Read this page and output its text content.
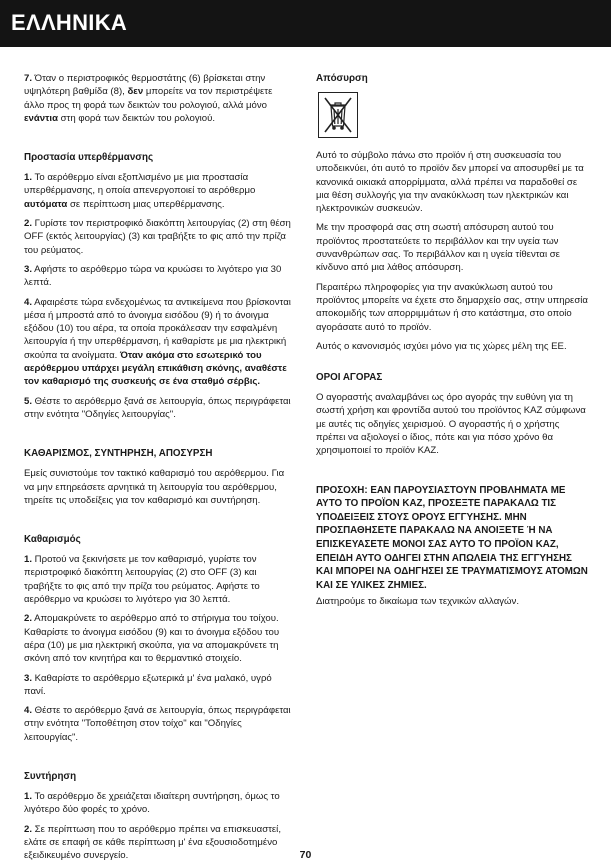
ΕΛΛΗΝΙΚΑ

7. Όταν ο περιστροφικός θερμοστάτης (6) βρίσκεται στην υψηλότερη βαθμίδα (8), δεν μπορείτε να τον περιστρέψετε άλλο προς τη φορά των δεικτών του ρολογιού, αλλά μόνο ενάντια στη φορά των δεικτών του ρολογιού.

Προστασία υπερθέρμανσης

1. Το αερόθερμο είναι εξοπλισμένο με μια προστασία υπερθέρμανσης, η οποία απενεργοποιεί το αερόθερμο αυτόματα σε περίπτωση μιας υπερθέρμανσης.

2. Γυρίστε τον περιστροφικό διακόπτη λειτουργίας (2) στη θέση OFF (εκτός λειτουργίας) (3) και τραβήξτε το φις από την πρίζα του ρεύματος.

3. Αφήστε το αερόθερμο τώρα να κρυώσει το λιγότερο για 30 λεπτά.

4. Αφαιρέστε τώρα ενδεχομένως τα αντικείμενα που βρίσκονται μέσα ή μπροστά από το άνοιγμα εισόδου (9) ή το άνοιγμα εξόδου (10) του αέρα, τα οποία προκάλεσαν την εσφαλμένη λειτουργία ή την υπερθέρμανση, ή καθαρίστε με μια ηλεκτρική σκούπα τα ανοίγματα. Όταν ακόμα στο εσωτερικό του αερόθερμου υπάρχει μεγάλη επικάθιση σκόνης, αναθέστε τον καθαρισμό της συσκευής σε ένα σταθμό σέρβις.

5. Θέστε το αερόθερμο ξανά σε λειτουργία, όπως περιγράφεται στην ενότητα "Οδηγίες λειτουργίας".

ΚΑΘΑΡΙΣΜΟΣ, ΣΥΝΤΗΡΗΣΗ, ΑΠΟΣΥΡΣΗ

Εμείς συνιστούμε τον τακτικό καθαρισμό του αερόθερμου. Για να μην επηρεάσετε αρνητικά τη λειτουργία του αερόθερμου, τηρείτε τις υποδείξεις για τον καθαρισμό και συντήρηση.

Καθαρισμός

1. Προτού να ξεκινήσετε με τον καθαρισμό, γυρίστε τον περιστροφικό διακόπτη λειτουργίας (2) στο OFF (3) και τραβήξτε το φις από την πρίζα του ρεύματος. Αφήστε το αερόθερμο να κρυώσει το λιγότερο για 30 λεπτά.

2. Απομακρύνετε το αερόθερμο από το στήριγμα του τοίχου. Καθαρίστε το άνοιγμα εισόδου (9) και το άνοιγμα εξόδου του αέρα (10) με μια ηλεκτρική σκούπα, για να απομακρύνετε τη σκόνη από τον κινητήρα και το θερμαντικό στοιχείο.

3. Καθαρίστε το αερόθερμο εξωτερικά μ' ένα μαλακό, υγρό πανί.

4. Θέστε το αερόθερμο ξανά σε λειτουργία, όπως περιγράφεται στην ενότητα "Τοποθέτηση στον τοίχο" και "Οδηγίες λειτουργίας".

Συντήρηση

1. Το αερόθερμο δε χρειάζεται ιδιαίτερη συντήρηση, όμως το λιγότερο δύο φορές το χρόνο.

2. Σε περίπτωση που το αερόθερμο πρέπει να επισκευαστεί, ελάτε σε επαφή σε κάθε περίπτωση μ' ένα εξουσιοδοτημένο εξειδικευμένο συνεργείο.

Απόσυρση

Αυτό το σύμβολο πάνω στο προϊόν ή στη συσκευασία του υποδεικνύει, ότι αυτό το προϊόν δεν μπορεί να αποσυρθεί με τα κανονικά οικιακά απορρίμματα, αλλά πρέπει να παραδοθεί σε μια θέση συλλογής για την ανακύκλωση των ηλεκτρικών και ηλεκτρονικών συσκευών.

Με την προσφορά σας στη σωστή απόσυρση αυτού του προϊόντος προστατεύετε το περιβάλλον και την υγεία των συνανθρώπων σας. Το περιβάλλον και η υγεία τίθενται σε κίνδυνο από μια λάθος απόσυρση.

Περαιτέρω πληροφορίες για την ανακύκλωση αυτού του προϊόντος μπορείτε να έχετε στο δημαρχείο σας, στην υπηρεσία αποκομιδής των απορριμμάτων ή στο κατάστημα, στο οποίο αγοράσατε αυτό το προϊόν.

Αυτός ο κανονισμός ισχύει μόνο για τις χώρες μέλη της ΕΕ.

ΟΡΟΙ ΑΓΟΡΑΣ

Ο αγοραστής αναλαμβάνει ως όρο αγοράς την ευθύνη για τη σωστή χρήση και φροντίδα αυτού του προϊόντος KAZ σύμφωνα με αυτές τις οδηγίες χειρισμού. Ο αγοραστής ή ο χρήστης πρέπει να αξιολογεί ο ίδιος, πότε και για πόσο χρόνο θα χρησιμοποιεί το προϊόν KAZ.

ΠΡΟΣΟΧΗ: ΕΑΝ ΠΑΡΟΥΣΙΑΣΤΟΥΝ ΠΡΟΒΛΗΜΑΤΑ ΜΕ ΑΥΤΟ ΤΟ ΠΡΟΪΟΝ KAZ, ΠΡΟΣΕΞΤΕ ΠΑΡΑΚΑΛΩ ΤΙΣ ΥΠΟΔΕΙΞΕΙΣ ΣΤΟΥΣ ΟΡΟΥΣ ΕΓΓΥΗΣΗΣ. ΜΗΝ ΠΡΟΣΠΑΘΗΣΕΤΕ ΠΑΡΑΚΑΛΩ ΝΑ ΑΝΟΙΞΕΤΕ Ή ΝΑ ΕΠΙΣΚΕΥΑΣΕΤΕ ΜΟΝΟΙ ΣΑΣ ΑΥΤΟ ΤΟ ΠΡΟΪΟΝ KAZ, ΕΠΕΙΔΗ ΑΥΤΟ ΟΔΗΓΕΙ ΣΤΗΝ ΑΠΩΛΕΙΑ ΤΗΣ ΕΓΓΥΗΣΗΣ ΚΑΙ ΜΠΟΡΕΙ ΝΑ ΟΔΗΓΗΣΕΙ ΣΕ ΤΡΑΥΜΑΤΙΣΜΟΥΣ ΑΤΟΜΩΝ ΚΑΙ ΣΕ ΥΛΙΚΕΣ ΖΗΜΙΕΣ.

Διατηρούμε το δικαίωμα των τεχνικών αλλαγών.

70
